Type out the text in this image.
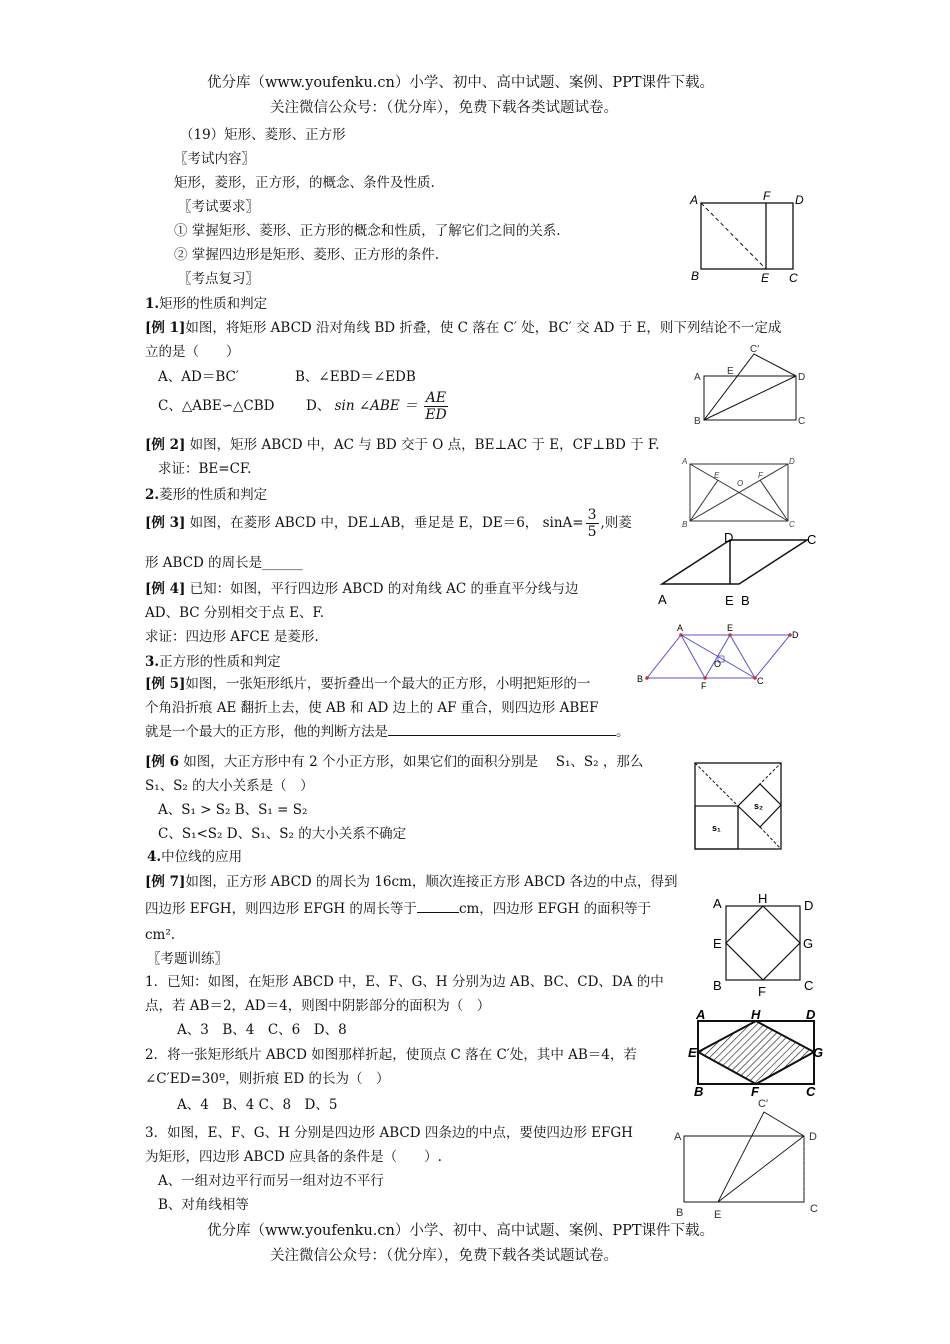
优分库（www.youfenku.cn）小学、初中、高中试题、案例、PPT课件下载。
关注微信公众号：（优分库），免费下载各类试题试卷。
（19）矩形、菱形、正方形
〖考试内容〗
矩形，菱形，正方形，的概念、条件及性质.
〖考试要求〗
① 掌握矩形、菱形、正方形的概念和性质，了解它们之间的关系.
② 掌握四边形是矩形、菱形、正方形的条件.
〖考点复习〗
1.矩形的性质和判定
[例 1]如图，将矩形 ABCD 沿对角线 BD 折叠，使 C 落在 C′ 处，BC′ 交 AD 于 E，则下列结论不一定成
立的是（　　）
A、AD＝BC′	B、∠EBD＝∠EDB
C、△ABE∽△CBD D、 sin ∠ABE ＝ $\frac{AE}{ED}$
[例 2] 如图，矩形 ABCD 中，AC 与 BD 交于 O 点，BE⊥AC 于 E，CF⊥BD 于 F.
求证：BE=CF.
2.菱形的性质和判定
[例 3] 如图，在菱形 ABCD 中，DE⊥AB，垂足是 E，DE＝6， $\sin A= \frac{3}{5}$ ,则菱
形 ABCD 的周长是______
[例 4] 已知：如图，平行四边形 ABCD 的对角线 AC 的垂直平分线与边
AD、BC 分别相交于点 E、F.
求证：四边形 AFCE 是菱形.
3.正方形的性质和判定
[例 5]如图，一张矩形纸片，要折叠出一个最大的正方形，小明把矩形的一
个角沿折痕 AE 翻折上去，使 AB 和 AD 边上的 AF 重合，则四边形 ABEF
就是一个最大的正方形，他的判断方法是	。
[例 6 如图，大正方形中有 2 个小正方形，如果它们的面积分别是 　S₁、S₂ ，那么
S₁、S₂ 的大小关系是（　）
A、S₁ > S₂ B、S₁ = S₂
C、S₁<S₂ D、S₁、S₂ 的大小关系不确定
4.中位线的应用
[例 7]如图，正方形 ABCD 的周长为 16cm，顺次连接正方形 ABCD 各边的中点，得到
四边形 EFGH，则四边形 EFGH 的周长等于	cm，四边形 EFGH 的面积等于
cm².
〖考题训练〗
1．已知：如图，在矩形 ABCD 中，E、F、G、H 分别为边 AB、BC、CD、DA 的中
点，若 AB＝2，AD＝4，则图中阴影部分的面积为（　）
A、3　B、4　C、6　D、8
2．将一张矩形纸片 ABCD 如图那样折起，使顶点 C 落在 C′处，其中 AB＝4，若
∠C′ED=30º，则折痕 ED 的长为（　）
A、4　B、4 C、8　D、5
3．如图，E、F、G、H 分别是四边形 ABCD 四条边的中点，要使四边形 EFGH
为矩形，四边形 ABCD 应具备的条件是（　　）.
A、一组对边平行而另一组对边不平行
B、对角线相等
优分库（www.youfenku.cn）小学、初中、高中试题、案例、PPT课件下载。
关注微信公众号：（优分库），免费下载各类试题试卷。
A	F D
B	E C
C′
A
E
D
B	C
A	D
E
O
F
B	C
D	C
A	E B
A	E
D
O
B
F	C
s₂
s₁
A	H	D
E	G
B	F	C
A	H	D
E	G
B	F	C
C′
A	D
B	E	C
